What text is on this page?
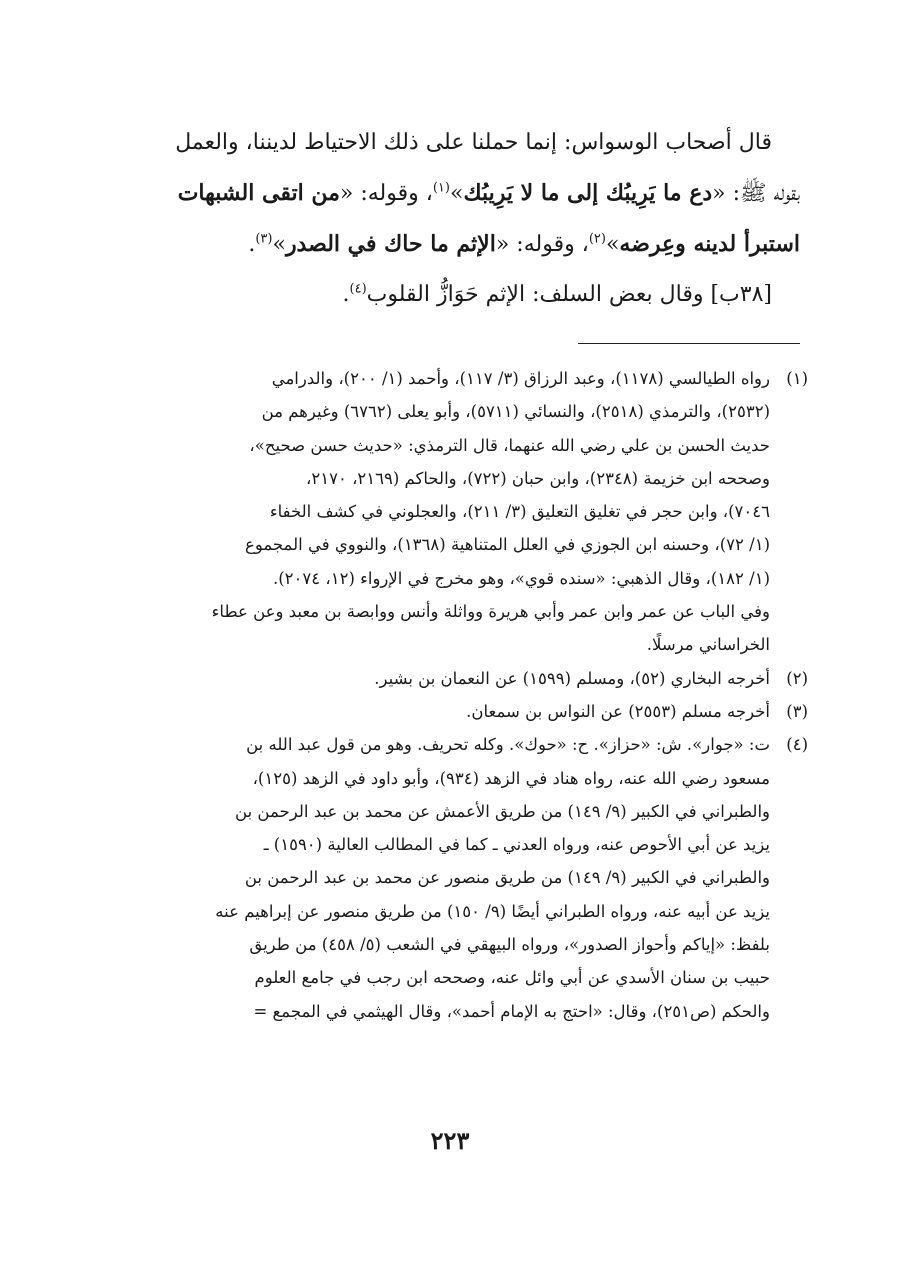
قال أصحاب الوسواس: إنما حملنا على ذلك الاحتياط لديننا، والعمل

بقوله ﷺ: «دع ما يَرِيبُك إلى ما لا يَرِيبُك»$^{(١)}$، وقوله: «من اتقى الشبهات

استبرأ لدينه وعِرضه»$^{(٢)}$، وقوله: «الإثم ما حاك في الصدر»$^{(٣)}$.

[٣٨ب] وقال بعض السلف: الإثم حَوَازُّ القلوب$^{(٤)}$.

(١)
رواه الطيالسي (١١٧٨)، وعبد الرزاق (٣/ ١١٧)، وأحمد (١/ ٢٠٠)، والدرامي
(٢٥٣٢)، والترمذي (٢٥١٨)، والنسائي (٥٧١١)، وأبو يعلى (٦٧٦٢) وغيرهم من
حديث الحسن بن علي رضي الله عنهما، قال الترمذي: «حديث حسن صحيح»،
وصححه ابن خزيمة (٢٣٤٨)، وابن حبان (٧٢٢)، والحاكم (٢١٦٩، ٢١٧٠،
٧٠٤٦)، وابن حجر في تغليق التعليق (٣/ ٢١١)، والعجلوني في كشف الخفاء
(١/ ٧٢)، وحسنه ابن الجوزي في العلل المتناهية (١٣٦٨)، والنووي في المجموع
(١/ ١٨٢)، وقال الذهبي: «سنده قوي»، وهو مخرج في الإرواء (١٢، ٢٠٧٤).
وفي الباب عن عمر وابن عمر وأبي هريرة وواثلة وأنس ووابصة بن معبد وعن عطاء
الخراساني مرسلًا.
(٢)
أخرجه البخاري (٥٢)، ومسلم (١٥٩٩) عن النعمان بن بشير.
(٣)
أخرجه مسلم (٢٥٥٣) عن النواس بن سمعان.
(٤)
ت: «جوار». ش: «حزاز». ح: «حوك». وكله تحريف. وهو من قول عبد الله بن
مسعود رضي الله عنه، رواه هناد في الزهد (٩٣٤)، وأبو داود في الزهد (١٢٥)،
والطبراني في الكبير (٩/ ١٤٩) من طريق الأعمش عن محمد بن عبد الرحمن بن
يزيد عن أبي الأحوص عنه، ورواه العدني ـ كما في المطالب العالية (١٥٩٠) ـ
والطبراني في الكبير (٩/ ١٤٩) من طريق منصور عن محمد بن عبد الرحمن بن
يزيد عن أبيه عنه، ورواه الطبراني أيضًا (٩/ ١٥٠) من طريق منصور عن إبراهيم عنه
بلفظ: «إياكم وأحواز الصدور»، ورواه البيهقي في الشعب (٥/ ٤٥٨) من طريق
حبيب بن سنان الأسدي عن أبي وائل عنه، وصححه ابن رجب في جامع العلوم
والحكم (ص٢٥١)، وقال: «احتج به الإمام أحمد»، وقال الهيثمي في المجمع =
٢٢٣
